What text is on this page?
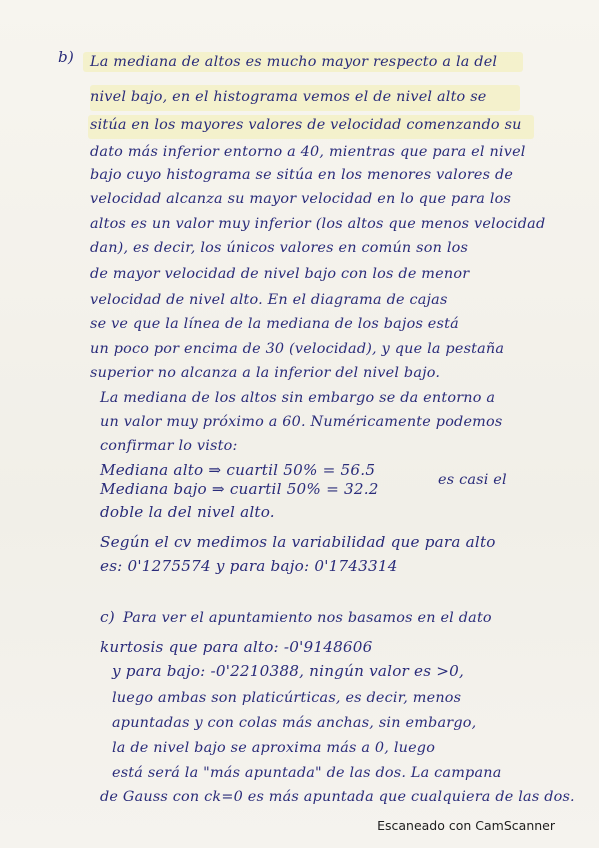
b) La mediana de altos es mucho mayor respecto a la del
nivel bajo, en el histograma vemos el de nivel alto se
sitúa en los mayores valores de velocidad comenzando su
dato más inferior entorno a 40, mientras que para el nivel
bajo cuyo histograma se sitúa en los menores valores de
velocidad alcanza su mayor velocidad en lo que para los
altos es un valor muy inferior (los altos que menos velocidad
dan), es decir, los únicos valores en común son los
de mayor velocidad de nivel bajo con los de menor
velocidad de nivel alto. En el diagrama de cajas
se ve que la línea de la mediana de los bajos está
un poco por encima de 30 (velocidad), y que la pestaña
superior no alcanza a la inferior del nivel bajo.
La mediana de los altos sin embargo se da entorno a
un valor muy próximo a 60. Numéricamente podemos
confirmar lo visto:
Mediana alto ⇒ cuartil 50% = 56.5
Mediana bajo ⇒ cuartil 50% = 32.2	es casi el
doble la del nivel alto.
Según el cv medimos la variabilidad que para alto
es: 0'1275574 y para bajo: 0'1743314
c) Para ver el apuntamiento nos basamos en el dato
kurtosis que para alto: -0'9148606
y para bajo: -0'2210388, ningún valor es >0,
luego ambas son platicúrticas, es decir, menos
apuntadas y con colas más anchas, sin embargo,
la de nivel bajo se aproxima más a 0, luego
está será la "más apuntada" de las dos. La campana
de Gauss con ck=0 es más apuntada que cualquiera de las dos.
Escaneado con CamScanner
